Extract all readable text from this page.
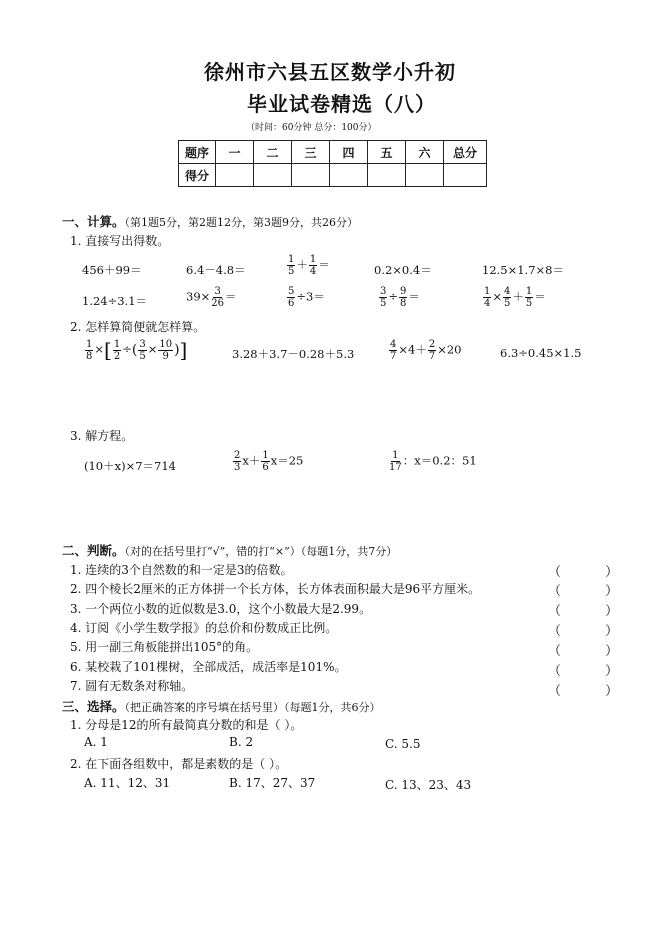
徐州市六县五区数学小升初
毕业试卷精选（八）
（时间：60分钟 总分：100分）
题序	一	二	三	四	五	六	总分
得分							
一、计算。（第1题5分，第2题12分，第3题9分，共26分）
1. 直接写出得数。
456＋99＝	6.4－4.8＝	$\frac{1}{5} + \frac{1}{4}$ ＝	0.2×0.4＝	12.5×1.7×8＝
1.24÷3.1＝	$39\times \frac{3}{26}$ ＝	$\frac{5}{6} \div 3=$	$\frac{3}{5} \div \frac{9}{8}$ ＝	$\frac{1}{4} \times \frac{4}{5} + \frac{1}{5}$ ＝
2. 怎样算简便就怎样算。
$\frac{1}{8}$ ×[ $\frac{1}{2}$ ÷( $\frac{3}{5} \times \frac{10}{9}$ )]	3.28＋3.7－0.28＋5.3	$\frac{4}{7} \times 4+ \frac{2}{7} \times 20$	6.3÷0.45×1.5
3. 解方程。
(10＋x)×7＝714	$\frac{2}{3} x+ \frac{1}{6} x=25$	$\frac{1}{17}$ ：x＝0.2：51
二、判断。（对的在括号里打“√”，错的打“×”）（每题1分，共7分）
1. 连续的3个自然数的和一定是3的倍数。
2. 四个棱长2厘米的正方体拼一个长方体，长方体表面积最大是96平方厘米。
3. 一个两位小数的近似数是3.0，这个小数最大是2.99。
4. 订阅《小学生数学报》的总价和份数成正比例。
5. 用一副三角板能拼出105°的角。
6. 某校栽了101棵树，全部成活，成活率是101%。
7. 圆有无数条对称轴。
（ ）
（ ）
（ ）
（ ）
（ ）
（ ）
（ ）
三、选择。（把正确答案的序号填在括号里）（每题1分，共6分）
1. 分母是12的所有最简真分数的和是（ ）。
A. 1	B. 2	C. 5.5
2. 在下面各组数中，都是素数的是（ ）。
A. 11、12、31	B. 17、27、37	C. 13、23、43
